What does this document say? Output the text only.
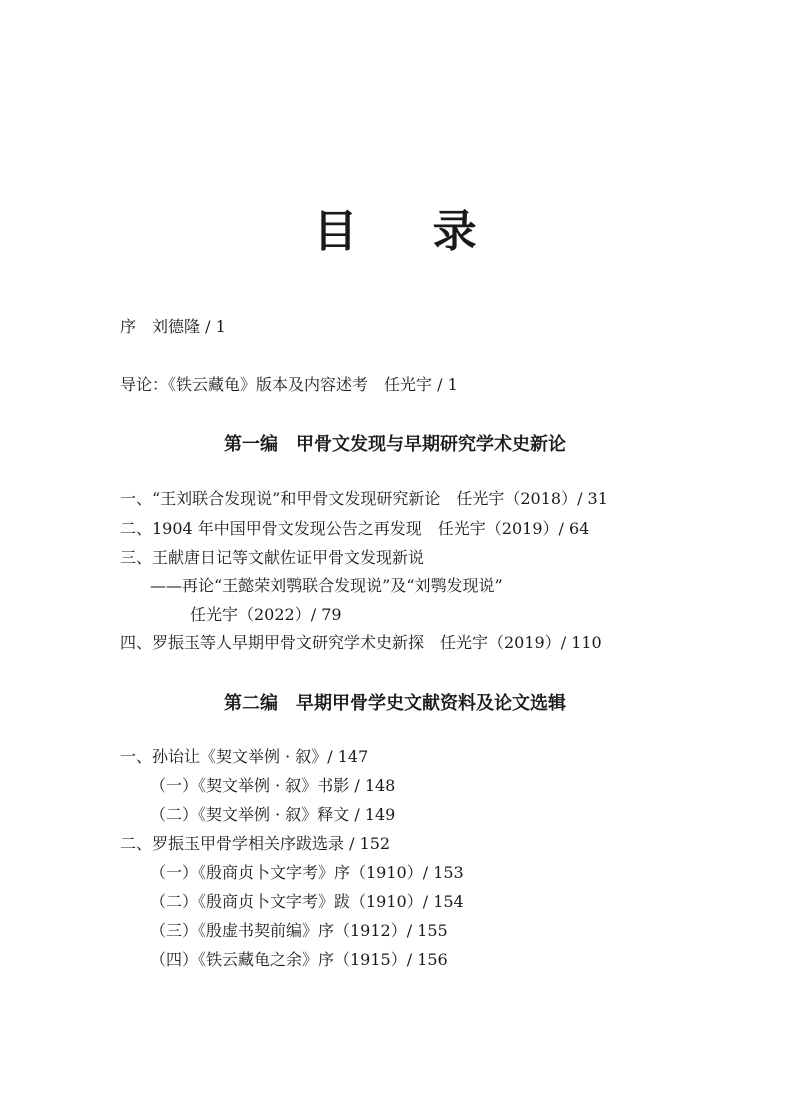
目 录
序　刘德隆 / 1
导论：《铁云藏龟》版本及内容述考　任光宇 / 1
第一编　甲骨文发现与早期研究学术史新论
一、“王刘联合发现说”和甲骨文发现研究新论　任光宇（2018）/ 31
二、1904 年中国甲骨文发现公告之再发现　任光宇（2019）/ 64
三、王献唐日记等文献佐证甲骨文发现新说
——再论“王懿荣刘鹗联合发现说”及“刘鹗发现说”
任光宇（2022）/ 79
四、罗振玉等人早期甲骨文研究学术史新探　任光宇（2019）/ 110
第二编　早期甲骨学史文献资料及论文选辑
一、孙诒让《契文举例 · 叙》/ 147
（一）《契文举例 · 叙》书影 / 148
（二）《契文举例 · 叙》释文 / 149
二、罗振玉甲骨学相关序跋选录 / 152
（一）《殷商贞卜文字考》序（1910）/ 153
（二）《殷商贞卜文字考》跋（1910）/ 154
（三）《殷虚书契前编》序（1912）/ 155
（四）《铁云藏龟之余》序（1915）/ 156
